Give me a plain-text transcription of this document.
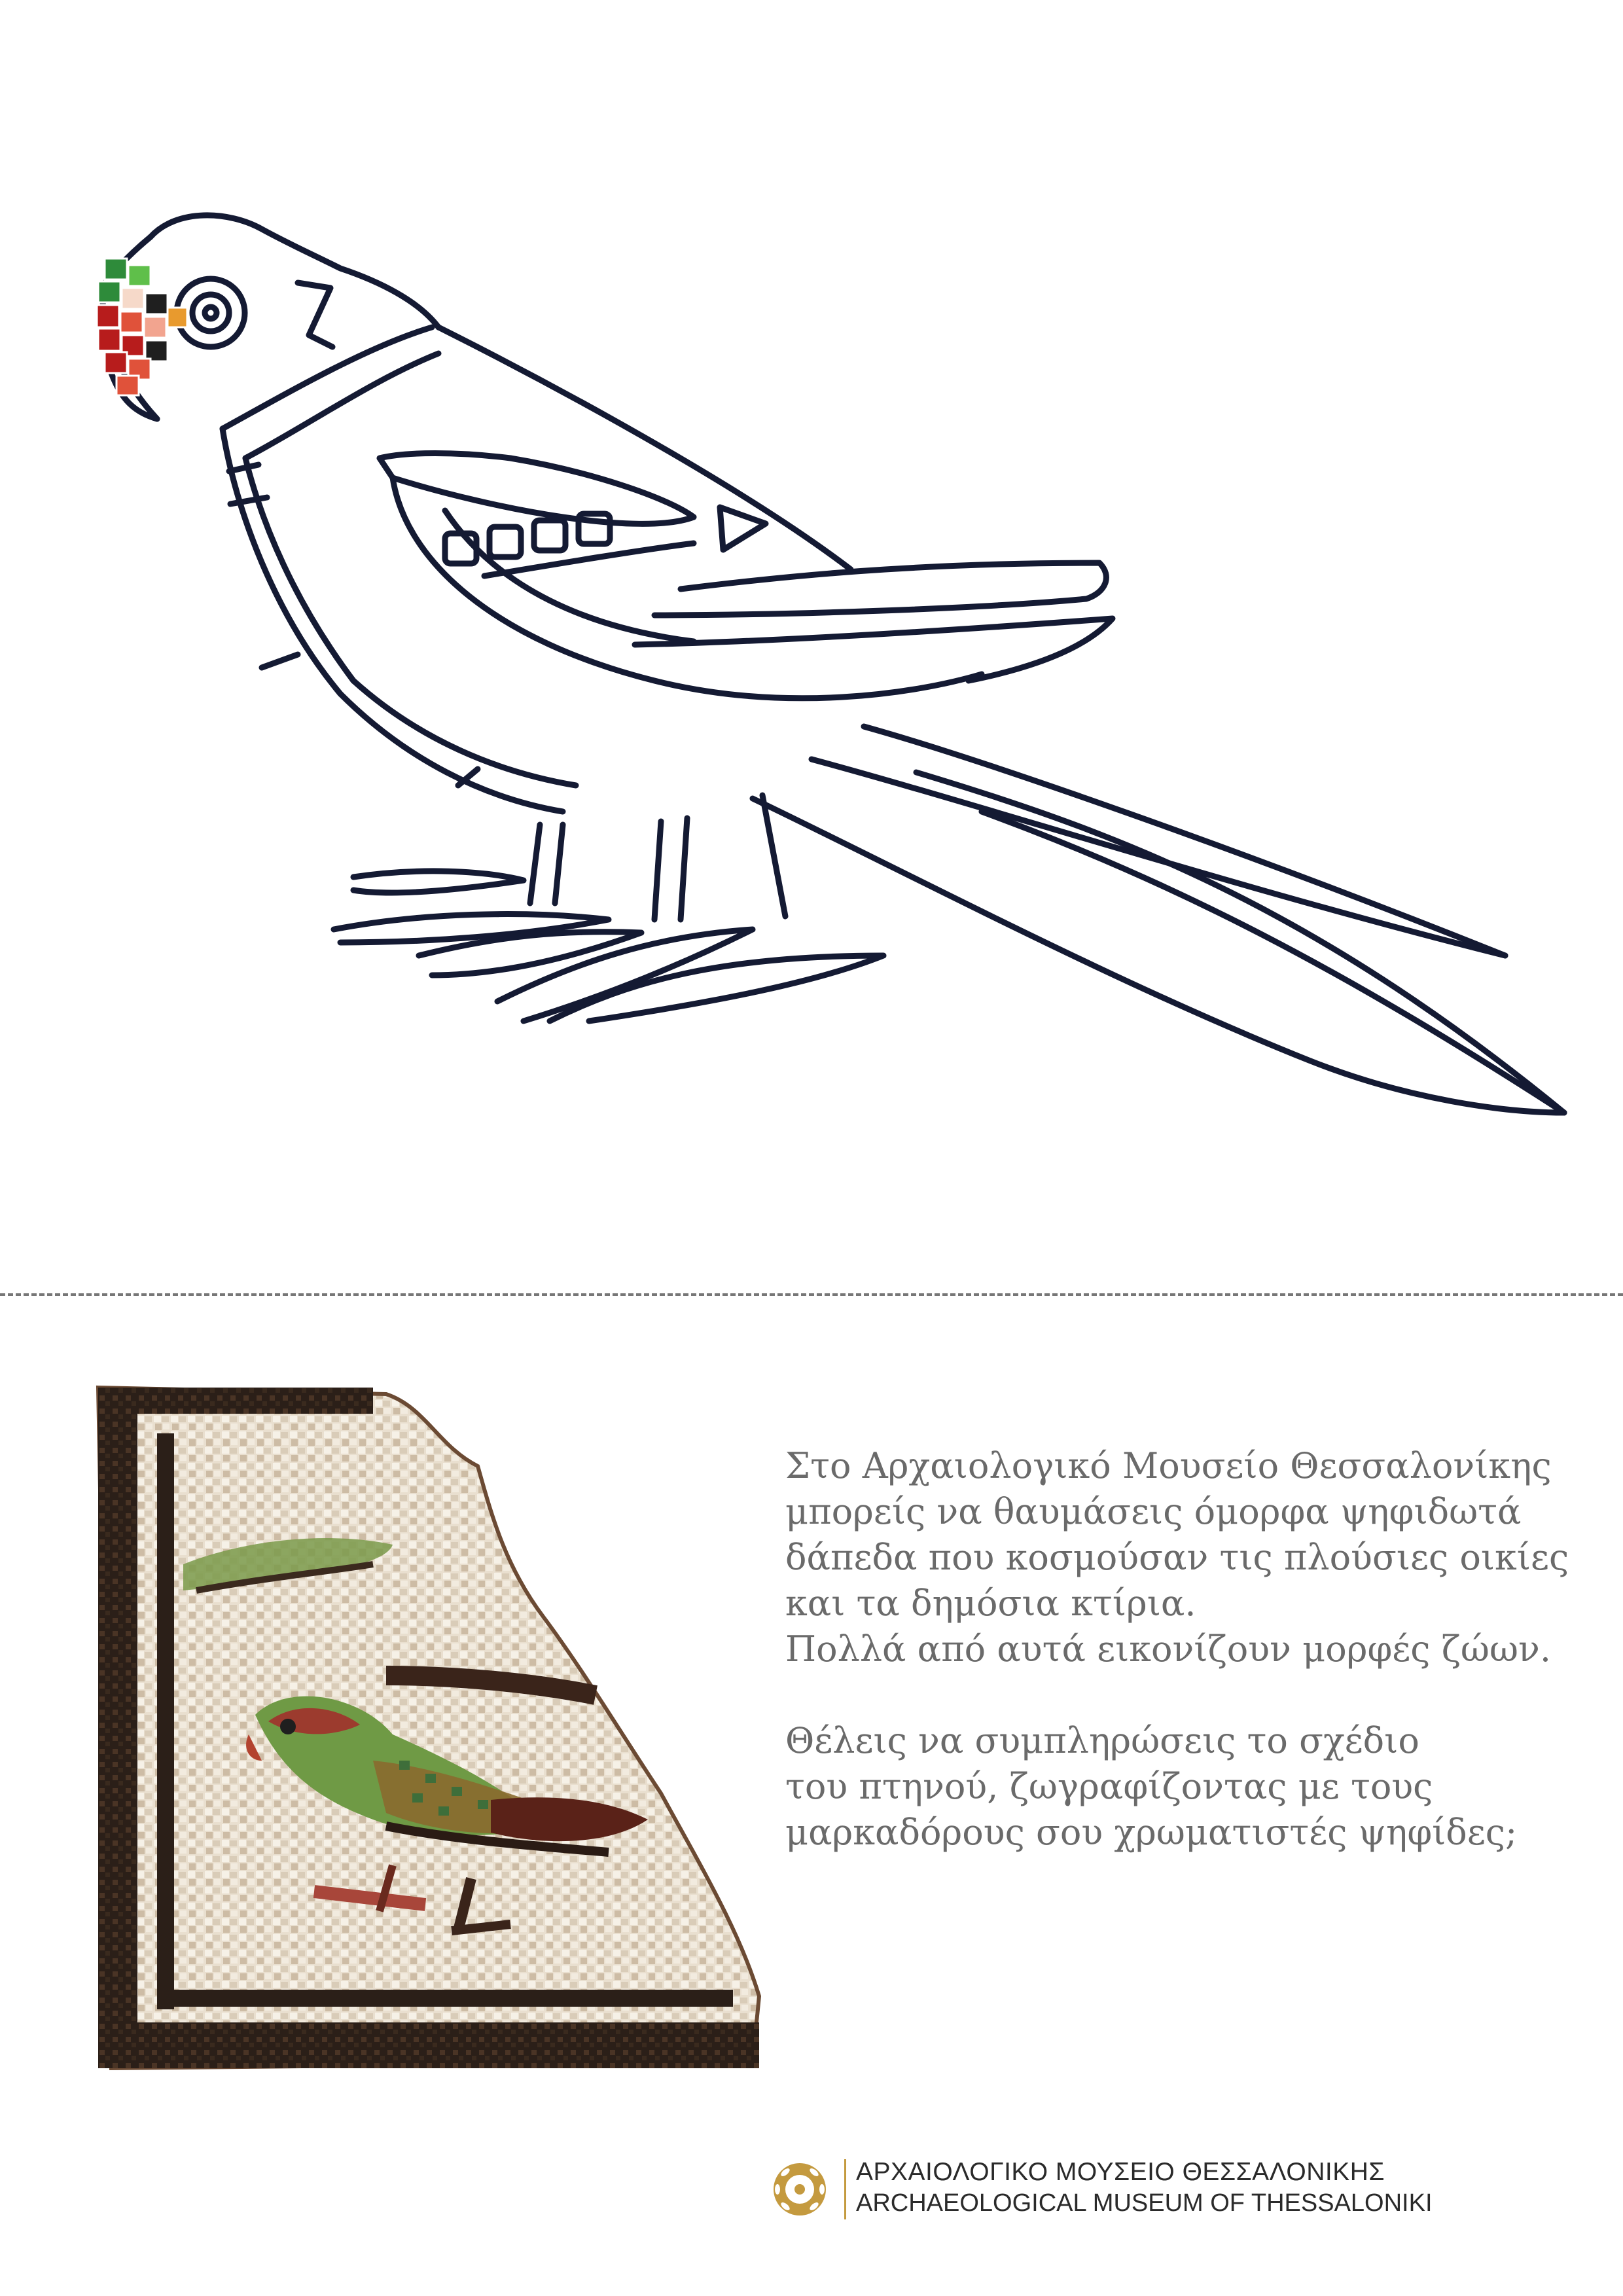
Στο Αρχαιολογικό Μουσείο Θεσσαλονίκης
μπορείς να θαυμάσεις όμορφα ψηφιδωτά
δάπεδα που κοσμούσαν τις πλούσιες οικίες
και τα δημόσια κτίρια.
Πολλά από αυτά εικονίζουν μορφές ζώων.

Θέλεις να συμπληρώσεις το σχέδιο
του πτηνού, ζωγραφίζοντας με τους
μαρκαδόρους σου χρωματιστές ψηφίδες;

ΑΡΧΑΙΟΛΟΓΙΚΟ ΜΟΥΣΕΙΟ ΘΕΣΣΑΛΟΝΙΚΗΣ
ARCHAEOLOGICAL MUSEUM OF THESSALONIKI
